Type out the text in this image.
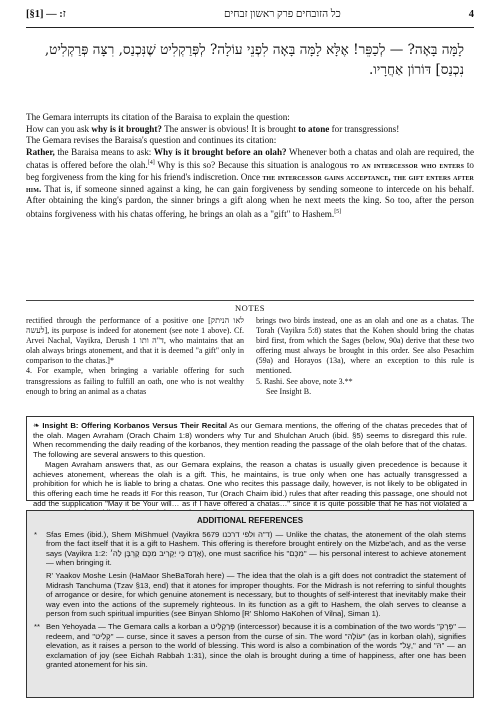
[§1] — :ז	כל הזובחים פרק ראשון זבחים	4
לָמָּה בָּאָה? — לְכַפֵּר! אֶלָּא לָמָּה בָּאָה לִפְנֵי עוֹלָה? לְפְּרַקְלִיט שֶׁנִּכְנַס, רִצָּה פְּרַקְלִיט, נִכְנַס] דּוֹרוֹן אַחֲרָיו.

The Gemara interrupts its citation of the Baraisa to explain the question:

How can you ask why is it brought? The answer is obvious! It is brought to atone for transgressions!

The Gemara revises the Baraisa's question and continues its citation:

Rather, the Baraisa means to ask: Why is it brought before an olah? Whenever both a chatas and olah are required, the chatas is offered before the olah.[4] Why is this so? Because this situation is analogous to an intercessor who enters to beg forgiveness from the king for his friend's indiscretion. Once the intercessor gains acceptance, the gift enters after him. That is, if someone sinned against a king, he can gain forgiveness by sending someone to intercede on his behalf. After obtaining the king's pardon, the sinner brings a gift along when he next meets the king. So too, after the person obtains forgiveness with his chatas offering, he brings an olah as a "gift" to Hashem.[5]

NOTES

rectified through the performance of a positive one [לאו הניתק לעשה], its purpose is indeed for atonement (see note 1 above). Cf. Arvei Nachal, Vayikra, Derush 1 ד"ה ותו, who maintains that an olah always brings atonement, and that it is deemed "a gift" only in comparison to the chatas.]*

4. For example, when bringing a variable offering for such transgressions as failing to fulfill an oath, one who is not wealthy enough to bring an animal as a chatas

brings two birds instead, one as an olah and one as a chatas. The Torah (Vayikra 5:8) states that the Kohen should bring the chatas bird first, from which the Sages (below, 90a) derive that these two offering must always be brought in this order. See also Pesachim (59a) and Horayos (13a), where an exception to this rule is mentioned.

5. Rashi. See above, note 3.**

See Insight B.

❧ Insight B: Offering Korbanos Versus Their Recital As our Gemara mentions, the offering of the chatas precedes that of the olah. Magen Avraham (Orach Chaim 1:8) wonders why Tur and Shulchan Aruch (ibid. §5) seems to disregard this rule. When recommending the daily reading of the korbanos, they mention reading the passage of the olah before that of the chatas. The following are several answers to this question.

Magen Avraham answers that, as our Gemara explains, the reason a chatas is usually given precedence is because it achieves atonement, whereas the olah is a gift. This, he maintains, is true only when one has actually transgressed a prohibition for which he is liable to bring a chatas. One who recites this passage daily, however, is not likely to be obligated in this offering each time he reads it! For this reason, Tur (Orach Chaim ibid.) rules that after reading this passage, one should not add the supplication "May it be Your will… as if I have offered a chatas…" since it is quite possible that he has not violated a

ADDITIONAL REFERENCES
* Sfas Emes (ibid.), Shem MiShmuel (Vayikra 5679 ד"ה ולפי דרכנו) — Unlike the chatas, the atonement of the olah stems from the fact itself that it is a gift to Hashem. This offering is therefore brought entirely on the Mizbe'ach, and as the verse says (Vayikra 1:2: אָדָם כִּי יַקְרִיב מִכֶּם קָרְבָּן לַה׳), one must sacrifice his "מִכֶּם" — his personal interest to achieve atonement — when bringing it.
R' Yaakov Moshe Lesin (HaMaor SheBaTorah here) — The idea that the olah is a gift does not contradict the statement of Midrash Tanchuma (Tzav §13, end) that it atones for improper thoughts. For the Midrash is not referring to sinful thoughts of arrogance or desire, for which genuine atonement is necessary, but to thoughts of self-interest that inevitably make their way even into the actions of the supremely righteous. In its function as a gift to Hashem, the olah serves to cleanse a person from such spiritual impurities (see Binyan Shlomo [R' Shlomo HaKohen of Vilna], Siman 1).
** Ben Yehoyada — The Gemara calls a korban a פְּרַקְלִיט (intercessor) because it is a combination of the two words "פֶּרֶק" — redeem, and "קְלִיט" — curse, since it saves a person from the curse of sin. The word "עוֹלָה" (as in korban olah), signifies elevation, as it raises a person to the world of blessing. This word is also a combination of the words "עָל," and "הּ" — an exclamation of joy (see Eichah Rabbah 1:31), since the olah is brought during a time of happiness, after one has been granted atonement for his sin.
